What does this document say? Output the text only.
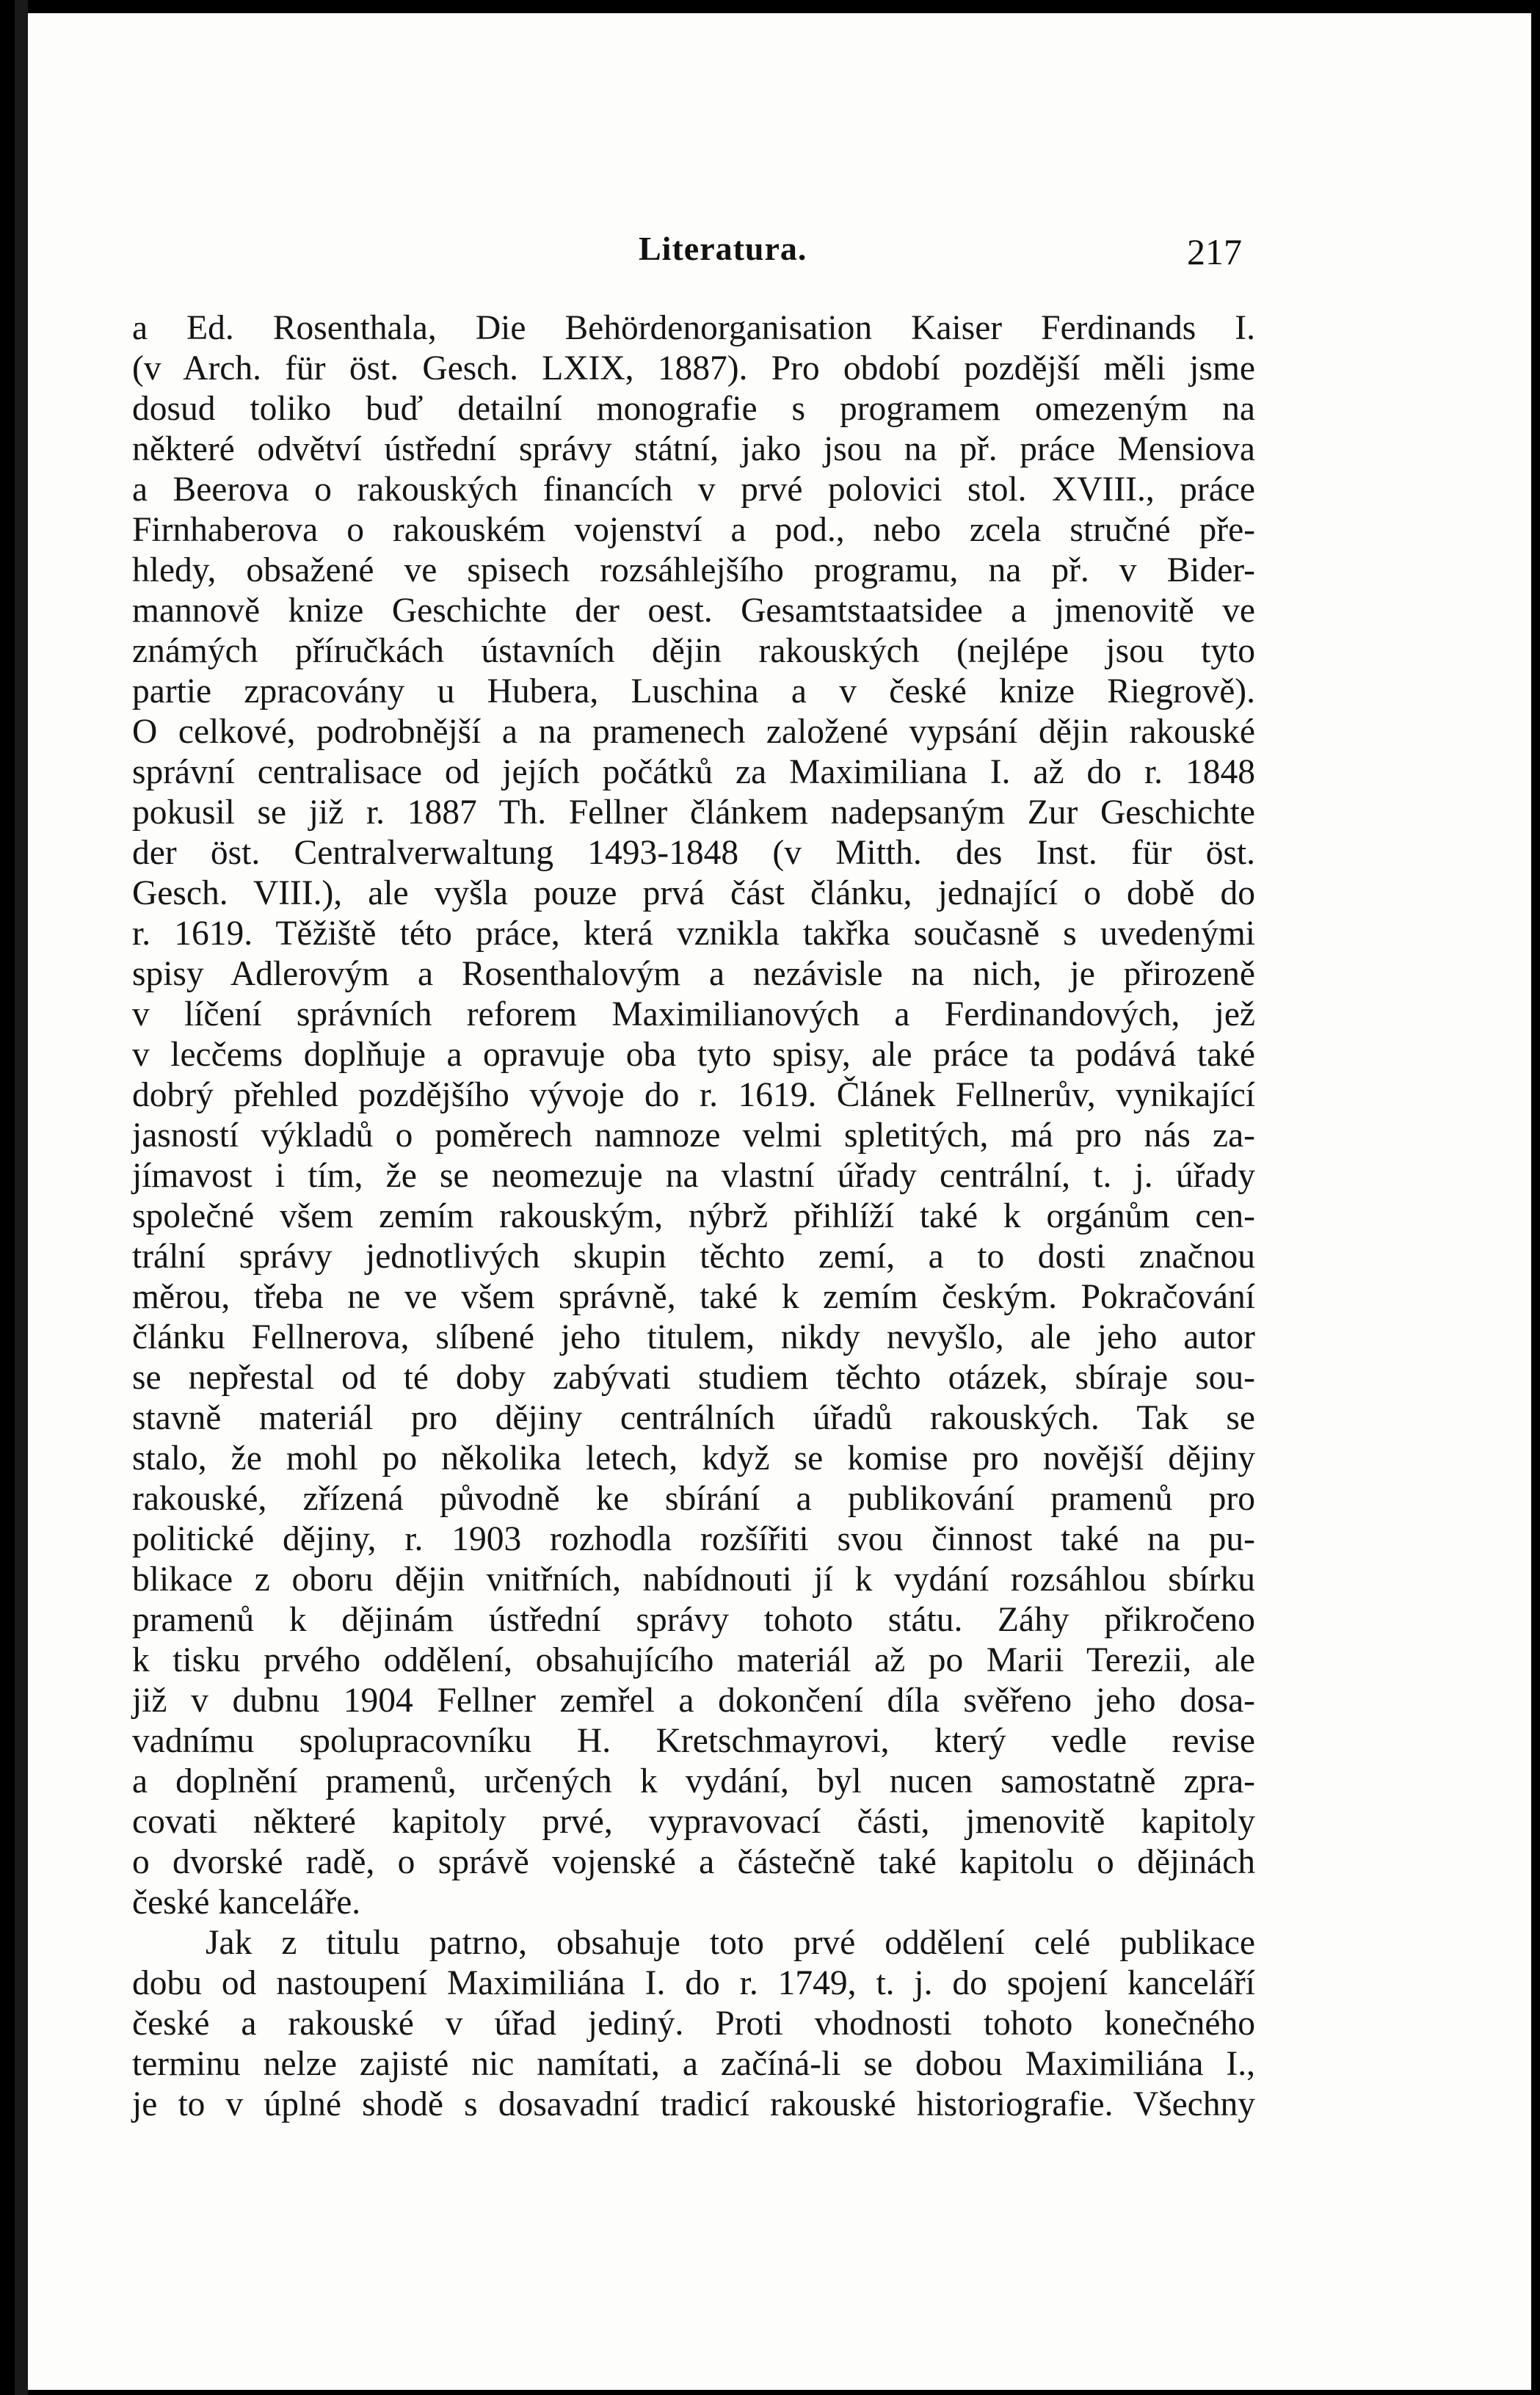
Literatura.	217
a Ed. Rosenthala, Die Behördenorganisation Kaiser Ferdinands I.
(v Arch. für öst. Gesch. LXIX, 1887). Pro období pozdější měli jsme
dosud toliko buď detailní monografie s programem omezeným na
některé odvětví ústřední správy státní, jako jsou na př. práce Mensiova
a Beerova o rakouských financích v prvé polovici stol. XVIII., práce
Firnhaberova o rakouském vojenství a pod., nebo zcela stručné pře-
hledy, obsažené ve spisech rozsáhlejšího programu, na př. v Bider-
mannově knize Geschichte der oest. Gesamtstaatsidee a jmenovitě ve
známých příručkách ústavních dějin rakouských (nejlépe jsou tyto
partie zpracovány u Hubera, Luschina a v české knize Riegrově).
O celkové, podrobnější a na pramenech založené vypsání dějin rakouské
správní centralisace od jejích počátků za Maximiliana I. až do r. 1848
pokusil se již r. 1887 Th. Fellner článkem nadepsaným Zur Geschichte
der öst. Centralverwaltung 1493-1848 (v Mitth. des Inst. für öst.
Gesch. VIII.), ale vyšla pouze prvá část článku, jednající o době do
r. 1619. Těžiště této práce, která vznikla takřka současně s uvedenými
spisy Adlerovým a Rosenthalovým a nezávisle na nich, je přirozeně
v líčení správních reforem Maximilianových a Ferdinandových, jež
v lecčems doplňuje a opravuje oba tyto spisy, ale práce ta podává také
dobrý přehled pozdějšího vývoje do r. 1619. Článek Fellnerův, vynikající
jasností výkladů o poměrech namnoze velmi spletitých, má pro nás za-
jímavost i tím, že se neomezuje na vlastní úřady centrální, t. j. úřady
společné všem zemím rakouským, nýbrž přihlíží také k orgánům cen-
trální správy jednotlivých skupin těchto zemí, a to dosti značnou
měrou, třeba ne ve všem správně, také k zemím českým. Pokračování
článku Fellnerova, slíbené jeho titulem, nikdy nevyšlo, ale jeho autor
se nepřestal od té doby zabývati studiem těchto otázek, sbíraje sou-
stavně materiál pro dějiny centrálních úřadů rakouských. Tak se
stalo, že mohl po několika letech, když se komise pro novější dějiny
rakouské, zřízená původně ke sbírání a publikování pramenů pro
politické dějiny, r. 1903 rozhodla rozšířiti svou činnost také na pu-
blikace z oboru dějin vnitřních, nabídnouti jí k vydání rozsáhlou sbírku
pramenů k dějinám ústřední správy tohoto státu. Záhy přikročeno
k tisku prvého oddělení, obsahujícího materiál až po Marii Terezii, ale
již v dubnu 1904 Fellner zemřel a dokončení díla svěřeno jeho dosa-
vadnímu spolupracovníku H. Kretschmayrovi, který vedle revise
a doplnění pramenů, určených k vydání, byl nucen samostatně zpra-
covati některé kapitoly prvé, vypravovací části, jmenovitě kapitoly
o dvorské radě, o správě vojenské a částečně také kapitolu o dějinách
české kanceláře.
Jak z titulu patrno, obsahuje toto prvé oddělení celé publikace
dobu od nastoupení Maximiliána I. do r. 1749, t. j. do spojení kanceláří
české a rakouské v úřad jediný. Proti vhodnosti tohoto konečného
terminu nelze zajisté nic namítati, a začíná-li se dobou Maximiliána I.,
je to v úplné shodě s dosavadní tradicí rakouské historiografie. Všechny
